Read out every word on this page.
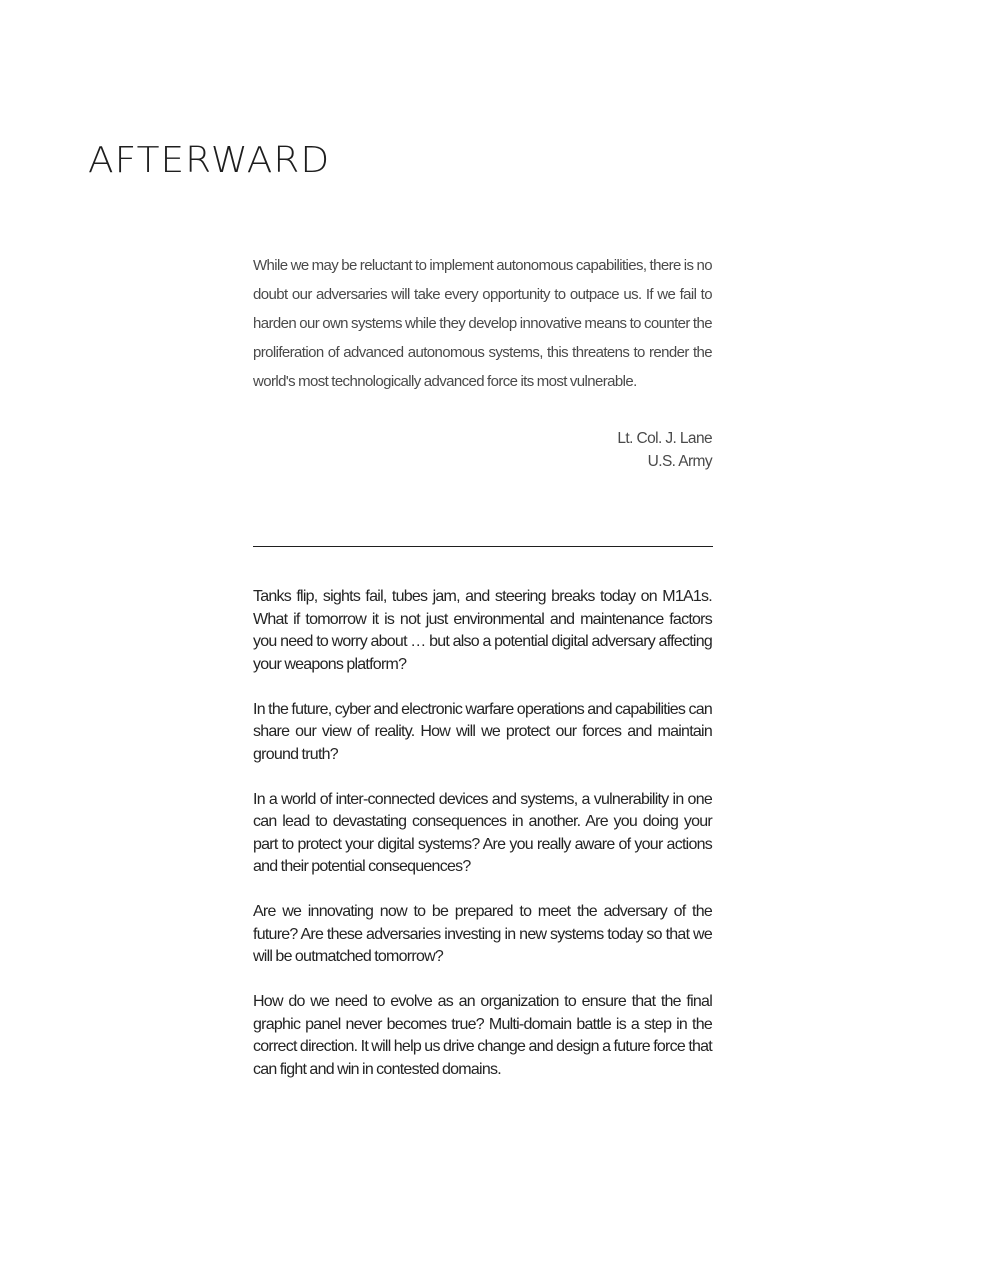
AFTERWARD

While we may be reluctant to implement autonomous capabilities, there is no doubt our adversaries will take every opportunity to outpace us. If we fail to harden our own systems while they develop innovative means to counter the proliferation of advanced autonomous systems, this threatens to render the world's most technologically advanced force its most vulnerable.

Lt. Col. J. Lane
U.S. Army

Tanks flip, sights fail, tubes jam, and steering breaks today on M1A1s. What if tomorrow it is not just environmental and maintenance factors you need to worry about … but also a potential digital adversary affecting your weapons platform?

In the future, cyber and electronic warfare operations and capabilities can share our view of reality. How will we protect our forces and maintain ground truth?

In a world of inter-connected devices and systems, a vulnerability in one can lead to devastating consequences in another. Are you doing your part to protect your digital systems? Are you really aware of your actions and their potential consequences?

Are we innovating now to be prepared to meet the adversary of the future? Are these adversaries investing in new systems today so that we will be outmatched tomorrow?

How do we need to evolve as an organization to ensure that the final graphic panel never becomes true? Multi-domain battle is a step in the correct direction. It will help us drive change and design a future force that can fight and win in contested domains.
